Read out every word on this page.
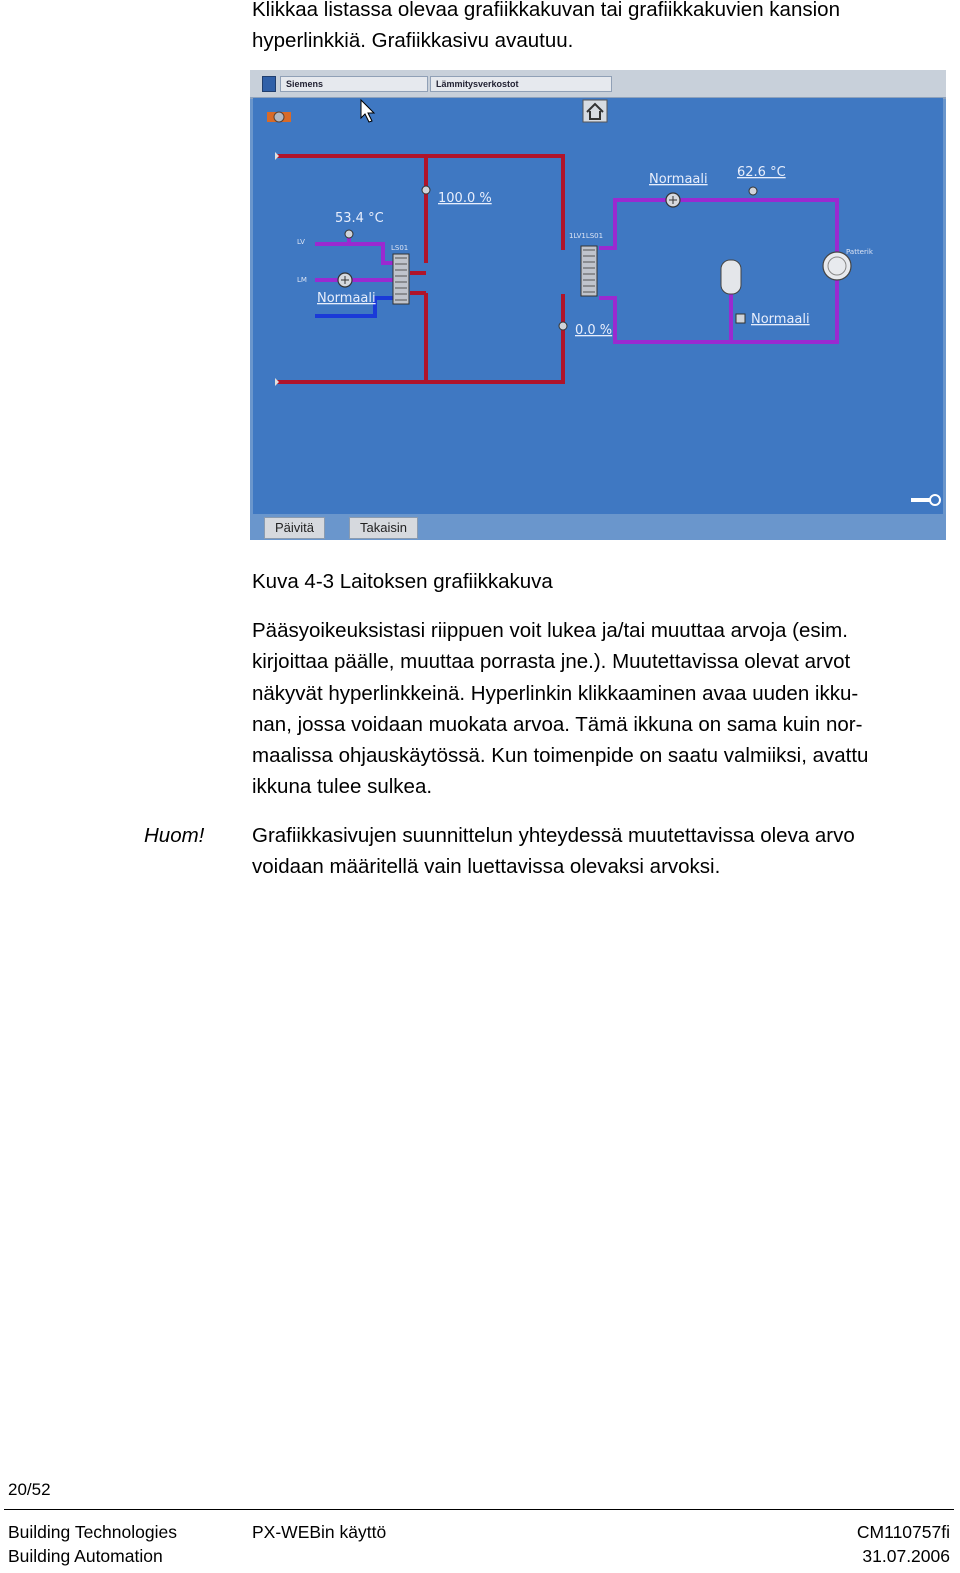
Klikkaa listassa olevaa grafiikkakuvan tai grafiikkakuvien kansion
hyperlinkkiä. Grafiikkasivu avautuu.

Siemens	Lämmitysverkostot
100.0 %
53.4 °C
Normaali
Normaali 62.6 °C
0.0 %
Normaali
LV
LS01
LM
1LV1LS01
Patterik
Päivitä	Takaisin

Kuva 4-3 Laitoksen grafiikkakuva

Pääsyoikeuksistasi riippuen voit lukea ja/tai muuttaa arvoja (esim.
kirjoittaa päälle, muuttaa porrasta jne.). Muutettavissa olevat arvot
näkyvät hyperlinkkeinä. Hyperlinkin klikkaaminen avaa uuden ikku-
nan, jossa voidaan muokata arvoa. Tämä ikkuna on sama kuin nor-
maalissa ohjauskäytössä. Kun toimenpide on saatu valmiiksi, avattu
ikkuna tulee sulkea.

Huom! Grafiikkasivujen suunnittelun yhteydessä muutettavissa oleva arvo
voidaan määritellä vain luettavissa olevaksi arvoksi.

20/52
Building Technologies
Building Automation
PX-WEBin käyttö	CM110757fi
31.07.2006
